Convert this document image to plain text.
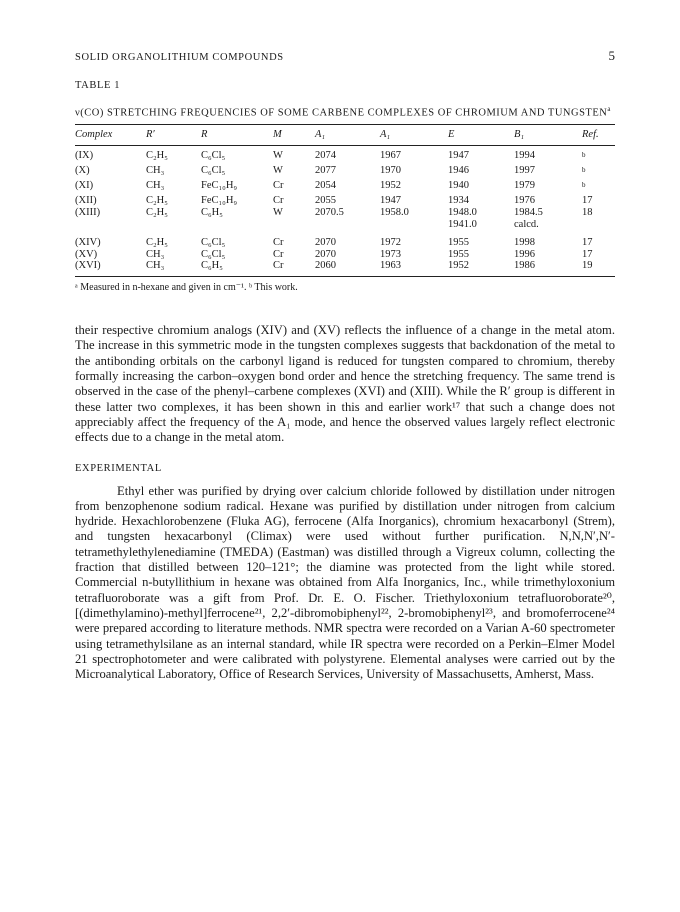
SOLID ORGANOLITHIUM COMPOUNDS	5
TABLE 1
ν(CO) STRETCHING FREQUENCIES OF SOME CARBENE COMPLEXES OF CHROMIUM AND TUNGSTEN$^a$
Complex	R′	R	M	A₁	A₁	E	B₁	Ref.
(IX)	C₂H₅	C₆Cl₅	W	2074	1967	1947	1994	$^b$
(X)	CH₃	C₆Cl₅	W	2077	1970	1946	1997	$^b$
(XI)	CH₃	FeC₁₀H₉	Cr	2054	1952	1940	1979	$^b$
(XII)	C₂H₅	FeC₁₀H₉	Cr	2055	1947	1934	1976	17
(XIII)	C₂H₅	C₆H₅	W	2070.5	1958.0	1948.0	1984.5	18
						1941.0	calcd.	
(XIV)	C₂H₅	C₆Cl₅	Cr	2070	1972	1955	1998	17
(XV)	CH₃	C₆Cl₅	Cr	2070	1973	1955	1996	17
(XVI)	CH₃	C₆H₅	Cr	2060	1963	1952	1986	19
ᵃ Measured in n-hexane and given in cm⁻¹. ᵇ This work.

their respective chromium analogs (XIV) and (XV) reflects the influence of a change in the metal atom. The increase in this symmetric mode in the tungsten complexes suggests that backdonation of the metal to the antibonding orbitals on the carbonyl ligand is reduced for tungsten compared to chromium, thereby formally increasing the carbon–oxygen bond order and hence the stretching frequency. The same trend is observed in the case of the phenyl–carbene complexes (XVI) and (XIII). While the R′ group is different in these latter two complexes, it has been shown in this and earlier work¹⁷ that such a change does not appreciably affect the frequency of the A₁ mode, and hence the observed values largely reflect electronic effects due to a change in the metal atom.

EXPERIMENTAL

Ethyl ether was purified by drying over calcium chloride followed by distillation under nitrogen from benzophenone sodium radical. Hexane was purified by distillation under nitrogen from calcium hydride. Hexachlorobenzene (Fluka AG), ferrocene (Alfa Inorganics), chromium hexacarbonyl (Strem), and tungsten hexacarbonyl (Climax) were used without further purification. N,N,N′,N′-tetramethylethylenediamine (TMEDA) (Eastman) was distilled through a Vigreux column, collecting the fraction that distilled between 120–121°; the diamine was protected from the light while stored. Commercial n-butyllithium in hexane was obtained from Alfa Inorganics, Inc., while trimethyloxonium tetrafluoroborate was a gift from Prof. Dr. E. O. Fischer. Triethyloxonium tetrafluoroborate²⁰, [(dimethylamino)-methyl]ferrocene²¹, 2,2′-dibromobiphenyl²², 2-bromobiphenyl²³, and bromoferrocene²⁴ were prepared according to literature methods. NMR spectra were recorded on a Varian A-60 spectrometer using tetramethylsilane as an internal standard, while IR spectra were recorded on a Perkin–Elmer Model 21 spectrophotometer and were calibrated with polystyrene. Elemental analyses were carried out by the Microanalytical Laboratory, Office of Research Services, University of Massachusetts, Amherst, Mass.
